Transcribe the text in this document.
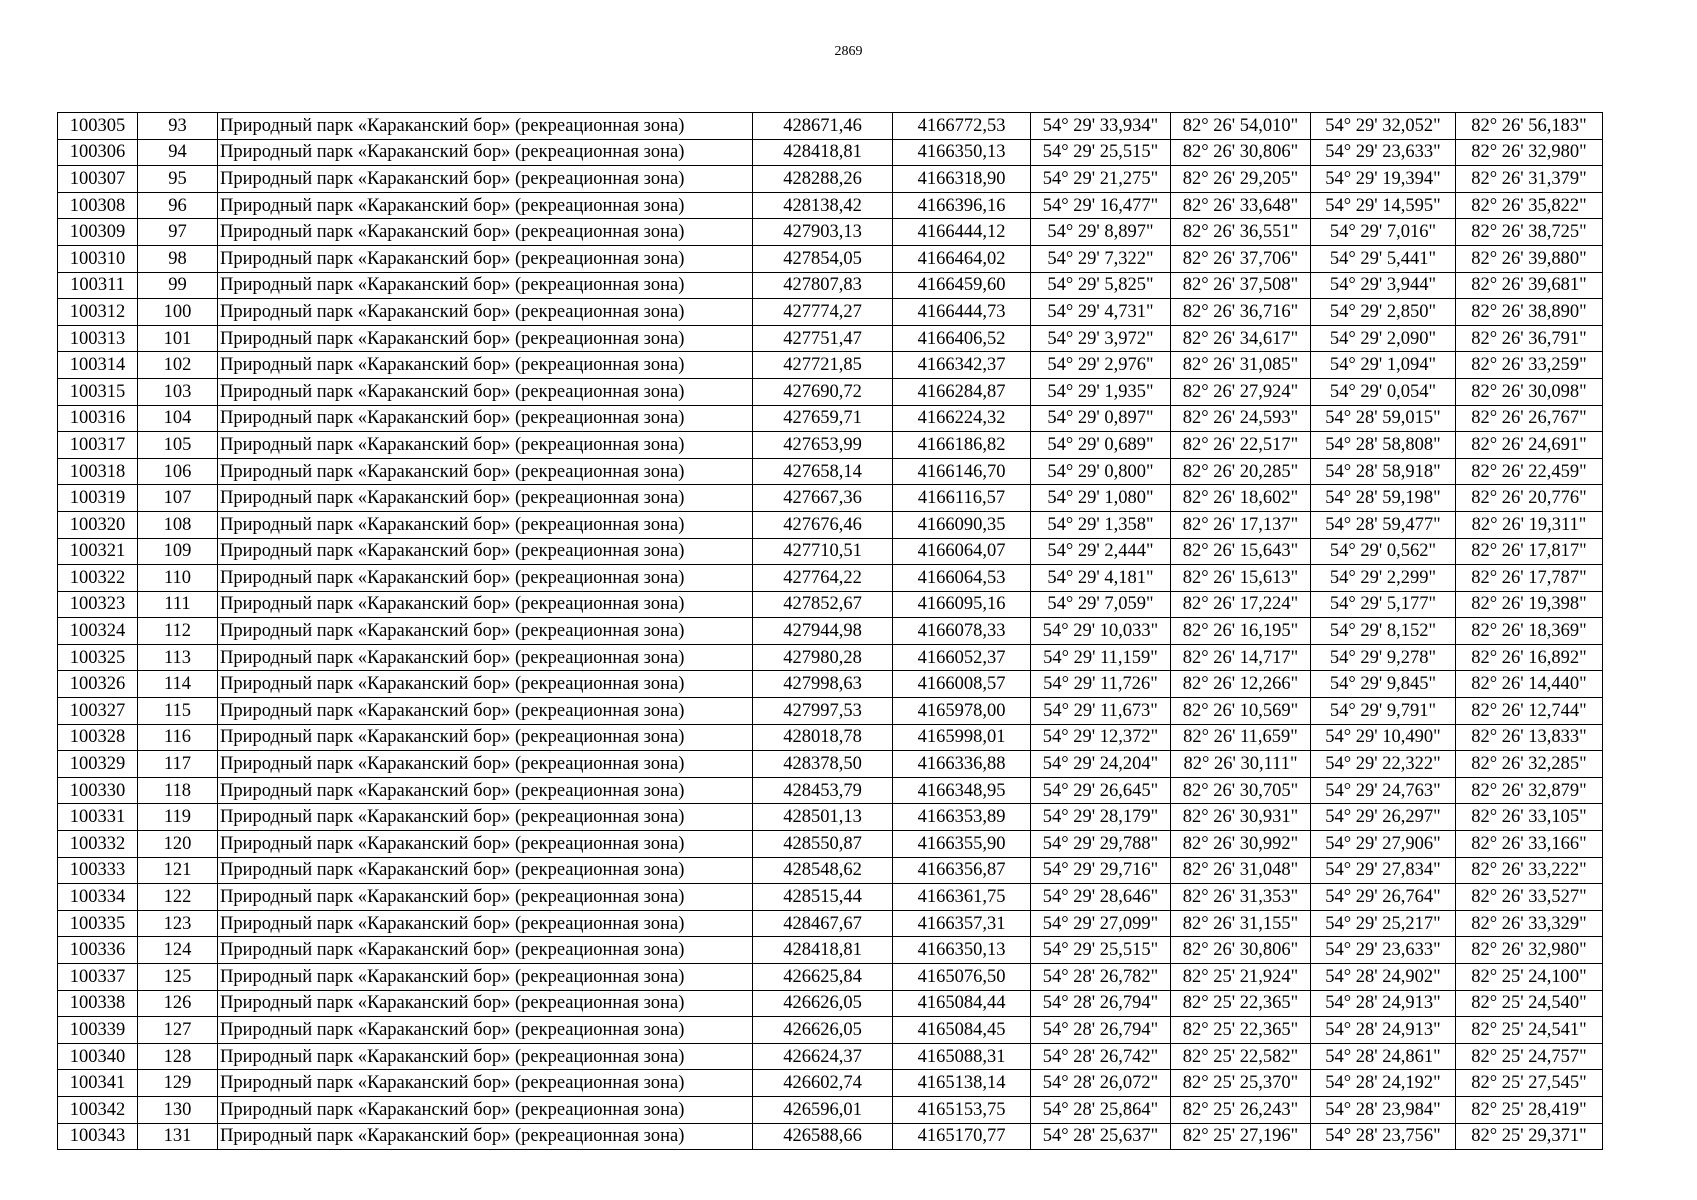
2869
100305	93	Природный парк «Караканский бор» (рекреационная зона)	428671,46	4166772,53	54° 29' 33,934"	82° 26' 54,010"	54° 29' 32,052"	82° 26' 56,183"
100306	94	Природный парк «Караканский бор» (рекреационная зона)	428418,81	4166350,13	54° 29' 25,515"	82° 26' 30,806"	54° 29' 23,633"	82° 26' 32,980"
100307	95	Природный парк «Караканский бор» (рекреационная зона)	428288,26	4166318,90	54° 29' 21,275"	82° 26' 29,205"	54° 29' 19,394"	82° 26' 31,379"
100308	96	Природный парк «Караканский бор» (рекреационная зона)	428138,42	4166396,16	54° 29' 16,477"	82° 26' 33,648"	54° 29' 14,595"	82° 26' 35,822"
100309	97	Природный парк «Караканский бор» (рекреационная зона)	427903,13	4166444,12	54° 29' 8,897"	82° 26' 36,551"	54° 29' 7,016"	82° 26' 38,725"
100310	98	Природный парк «Караканский бор» (рекреационная зона)	427854,05	4166464,02	54° 29' 7,322"	82° 26' 37,706"	54° 29' 5,441"	82° 26' 39,880"
100311	99	Природный парк «Караканский бор» (рекреационная зона)	427807,83	4166459,60	54° 29' 5,825"	82° 26' 37,508"	54° 29' 3,944"	82° 26' 39,681"
100312	100	Природный парк «Караканский бор» (рекреационная зона)	427774,27	4166444,73	54° 29' 4,731"	82° 26' 36,716"	54° 29' 2,850"	82° 26' 38,890"
100313	101	Природный парк «Караканский бор» (рекреационная зона)	427751,47	4166406,52	54° 29' 3,972"	82° 26' 34,617"	54° 29' 2,090"	82° 26' 36,791"
100314	102	Природный парк «Караканский бор» (рекреационная зона)	427721,85	4166342,37	54° 29' 2,976"	82° 26' 31,085"	54° 29' 1,094"	82° 26' 33,259"
100315	103	Природный парк «Караканский бор» (рекреационная зона)	427690,72	4166284,87	54° 29' 1,935"	82° 26' 27,924"	54° 29' 0,054"	82° 26' 30,098"
100316	104	Природный парк «Караканский бор» (рекреационная зона)	427659,71	4166224,32	54° 29' 0,897"	82° 26' 24,593"	54° 28' 59,015"	82° 26' 26,767"
100317	105	Природный парк «Караканский бор» (рекреационная зона)	427653,99	4166186,82	54° 29' 0,689"	82° 26' 22,517"	54° 28' 58,808"	82° 26' 24,691"
100318	106	Природный парк «Караканский бор» (рекреационная зона)	427658,14	4166146,70	54° 29' 0,800"	82° 26' 20,285"	54° 28' 58,918"	82° 26' 22,459"
100319	107	Природный парк «Караканский бор» (рекреационная зона)	427667,36	4166116,57	54° 29' 1,080"	82° 26' 18,602"	54° 28' 59,198"	82° 26' 20,776"
100320	108	Природный парк «Караканский бор» (рекреационная зона)	427676,46	4166090,35	54° 29' 1,358"	82° 26' 17,137"	54° 28' 59,477"	82° 26' 19,311"
100321	109	Природный парк «Караканский бор» (рекреационная зона)	427710,51	4166064,07	54° 29' 2,444"	82° 26' 15,643"	54° 29' 0,562"	82° 26' 17,817"
100322	110	Природный парк «Караканский бор» (рекреационная зона)	427764,22	4166064,53	54° 29' 4,181"	82° 26' 15,613"	54° 29' 2,299"	82° 26' 17,787"
100323	111	Природный парк «Караканский бор» (рекреационная зона)	427852,67	4166095,16	54° 29' 7,059"	82° 26' 17,224"	54° 29' 5,177"	82° 26' 19,398"
100324	112	Природный парк «Караканский бор» (рекреационная зона)	427944,98	4166078,33	54° 29' 10,033"	82° 26' 16,195"	54° 29' 8,152"	82° 26' 18,369"
100325	113	Природный парк «Караканский бор» (рекреационная зона)	427980,28	4166052,37	54° 29' 11,159"	82° 26' 14,717"	54° 29' 9,278"	82° 26' 16,892"
100326	114	Природный парк «Караканский бор» (рекреационная зона)	427998,63	4166008,57	54° 29' 11,726"	82° 26' 12,266"	54° 29' 9,845"	82° 26' 14,440"
100327	115	Природный парк «Караканский бор» (рекреационная зона)	427997,53	4165978,00	54° 29' 11,673"	82° 26' 10,569"	54° 29' 9,791"	82° 26' 12,744"
100328	116	Природный парк «Караканский бор» (рекреационная зона)	428018,78	4165998,01	54° 29' 12,372"	82° 26' 11,659"	54° 29' 10,490"	82° 26' 13,833"
100329	117	Природный парк «Караканский бор» (рекреационная зона)	428378,50	4166336,88	54° 29' 24,204"	82° 26' 30,111"	54° 29' 22,322"	82° 26' 32,285"
100330	118	Природный парк «Караканский бор» (рекреационная зона)	428453,79	4166348,95	54° 29' 26,645"	82° 26' 30,705"	54° 29' 24,763"	82° 26' 32,879"
100331	119	Природный парк «Караканский бор» (рекреационная зона)	428501,13	4166353,89	54° 29' 28,179"	82° 26' 30,931"	54° 29' 26,297"	82° 26' 33,105"
100332	120	Природный парк «Караканский бор» (рекреационная зона)	428550,87	4166355,90	54° 29' 29,788"	82° 26' 30,992"	54° 29' 27,906"	82° 26' 33,166"
100333	121	Природный парк «Караканский бор» (рекреационная зона)	428548,62	4166356,87	54° 29' 29,716"	82° 26' 31,048"	54° 29' 27,834"	82° 26' 33,222"
100334	122	Природный парк «Караканский бор» (рекреационная зона)	428515,44	4166361,75	54° 29' 28,646"	82° 26' 31,353"	54° 29' 26,764"	82° 26' 33,527"
100335	123	Природный парк «Караканский бор» (рекреационная зона)	428467,67	4166357,31	54° 29' 27,099"	82° 26' 31,155"	54° 29' 25,217"	82° 26' 33,329"
100336	124	Природный парк «Караканский бор» (рекреационная зона)	428418,81	4166350,13	54° 29' 25,515"	82° 26' 30,806"	54° 29' 23,633"	82° 26' 32,980"
100337	125	Природный парк «Караканский бор» (рекреационная зона)	426625,84	4165076,50	54° 28' 26,782"	82° 25' 21,924"	54° 28' 24,902"	82° 25' 24,100"
100338	126	Природный парк «Караканский бор» (рекреационная зона)	426626,05	4165084,44	54° 28' 26,794"	82° 25' 22,365"	54° 28' 24,913"	82° 25' 24,540"
100339	127	Природный парк «Караканский бор» (рекреационная зона)	426626,05	4165084,45	54° 28' 26,794"	82° 25' 22,365"	54° 28' 24,913"	82° 25' 24,541"
100340	128	Природный парк «Караканский бор» (рекреационная зона)	426624,37	4165088,31	54° 28' 26,742"	82° 25' 22,582"	54° 28' 24,861"	82° 25' 24,757"
100341	129	Природный парк «Караканский бор» (рекреационная зона)	426602,74	4165138,14	54° 28' 26,072"	82° 25' 25,370"	54° 28' 24,192"	82° 25' 27,545"
100342	130	Природный парк «Караканский бор» (рекреационная зона)	426596,01	4165153,75	54° 28' 25,864"	82° 25' 26,243"	54° 28' 23,984"	82° 25' 28,419"
100343	131	Природный парк «Караканский бор» (рекреационная зона)	426588,66	4165170,77	54° 28' 25,637"	82° 25' 27,196"	54° 28' 23,756"	82° 25' 29,371"
